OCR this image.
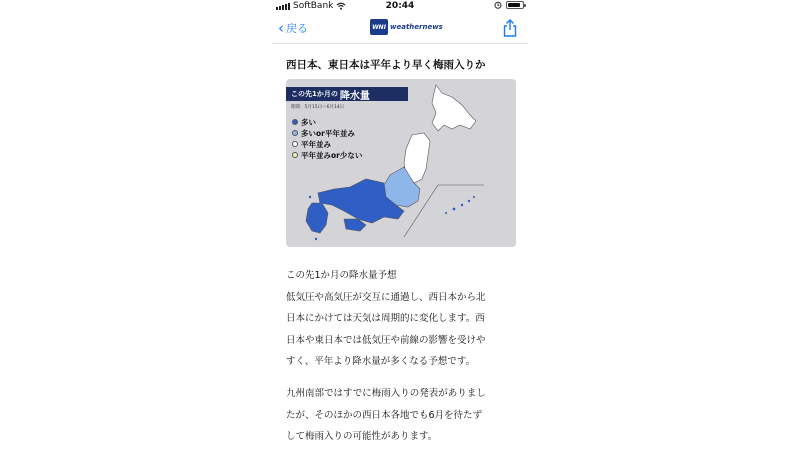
SoftBank	20:44
‹ 戻る	WNI weathernews
西日本、東日本は平年より早く梅雨入りか
この先1か月の 降水量
期間：5月15日〜6月14日
多い
多いor平年並み
平年並み
平年並みor少ない
この先1か月の降水量予想
低気圧や高気圧が交互に通過し、西日本から北
日本にかけては天気は周期的に変化します。西
日本や東日本では低気圧や前線の影響を受けや
すく、平年より降水量が多くなる予想です。
九州南部ではすでに梅雨入りの発表がありまし
たが、そのほかの西日本各地でも6月を待たず
して梅雨入りの可能性があります。
